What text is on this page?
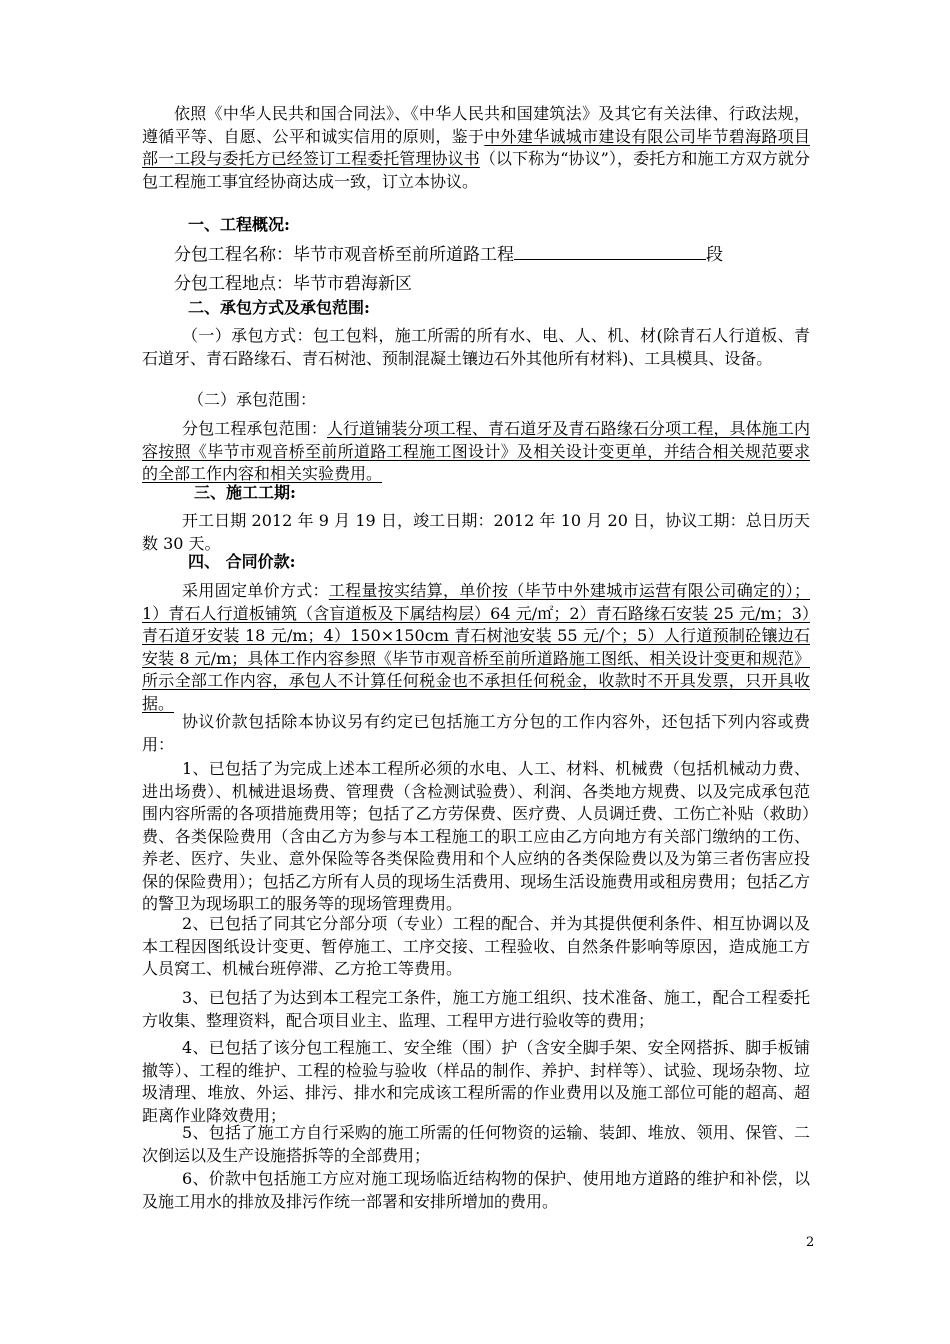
依照《中华人民共和国合同法》、《中华人民共和国建筑法》及其它有关法律、行政法规，遵循平等、自愿、公平和诚实信用的原则，鉴于中外建华诚城市建设有限公司毕节碧海路项目部一工段与委托方已经签订工程委托管理协议书（以下称为“协议”），委托方和施工方双方就分包工程施工事宜经协商达成一致，订立本协议。

一、工程概况:

分包工程名称：毕节市观音桥至前所道路工程	段

分包工程地点：毕节市碧海新区

二、承包方式及承包范围:

（一）承包方式：包工包料，施工所需的所有水、电、人、机、材(除青石人行道板、青石道牙、青石路缘石、青石树池、预制混凝土镶边石外其他所有材料)、工具模具、设备。

（二）承包范围：

分包工程承包范围：人行道铺装分项工程、青石道牙及青石路缘石分项工程，具体施工内容按照《毕节市观音桥至前所道路工程施工图设计》及相关设计变更单，并结合相关规范要求的全部工作内容和相关实验费用。

三、施工工期:

开工日期 2012 年 9 月 19 日，竣工日期：2012 年 10 月 20 日，协议工期：总日历天数 30 天。

四、 合同价款:

采用固定单价方式：工程量按实结算，单价按（毕节中外建城市运营有限公司确定的）；1）青石人行道板铺筑（含盲道板及下属结构层）64 元/㎡；2）青石路缘石安装 25 元/m；3）青石道牙安装 18 元/m；4）150×150cm 青石树池安装 55 元/个；5）人行道预制砼镶边石安装 8 元/m；具体工作内容参照《毕节市观音桥至前所道路施工图纸、相关设计变更和规范》所示全部工作内容，承包人不计算任何税金也不承担任何税金，收款时不开具发票，只开具收据。

协议价款包括除本协议另有约定已包括施工方分包的工作内容外，还包括下列内容或费用：

1、已包括了为完成上述本工程所必须的水电、人工、材料、机械费（包括机械动力费、进出场费）、机械进退场费、管理费（含检测试验费）、利润、各类地方规费、以及完成承包范围内容所需的各项措施费用等；包括了乙方劳保费、医疗费、人员调迁费、工伤亡补贴（救助）费、各类保险费用（含由乙方为参与本工程施工的职工应由乙方向地方有关部门缴纳的工伤、养老、医疗、失业、意外保险等各类保险费用和个人应纳的各类保险费以及为第三者伤害应投保的保险费用）；包括乙方所有人员的现场生活费用、现场生活设施费用或租房费用；包括乙方的警卫为现场职工的服务等的现场管理费用。

2、已包括了同其它分部分项（专业）工程的配合、并为其提供便利条件、相互协调以及本工程因图纸设计变更、暂停施工、工序交接、工程验收、自然条件影响等原因，造成施工方人员窝工、机械台班停滞、乙方抢工等费用。

3、已包括了为达到本工程完工条件，施工方施工组织、技术准备、施工，配合工程委托方收集、整理资料，配合项目业主、监理、工程甲方进行验收等的费用；

4、已包括了该分包工程施工、安全维（围）护（含安全脚手架、安全网搭拆、脚手板铺撤等）、工程的维护、工程的检验与验收（样品的制作、养护、封样等）、试验、现场杂物、垃圾清理、堆放、外运、排污、排水和完成该工程所需的作业费用以及施工部位可能的超高、超距离作业降效费用；

5、包括了施工方自行采购的施工所需的任何物资的运输、装卸、堆放、领用、保管、二次倒运以及生产设施搭拆等的全部费用；

6、价款中包括施工方应对施工现场临近结构物的保护、使用地方道路的维护和补偿，以及施工用水的排放及排污作统一部署和安排所增加的费用。

2
